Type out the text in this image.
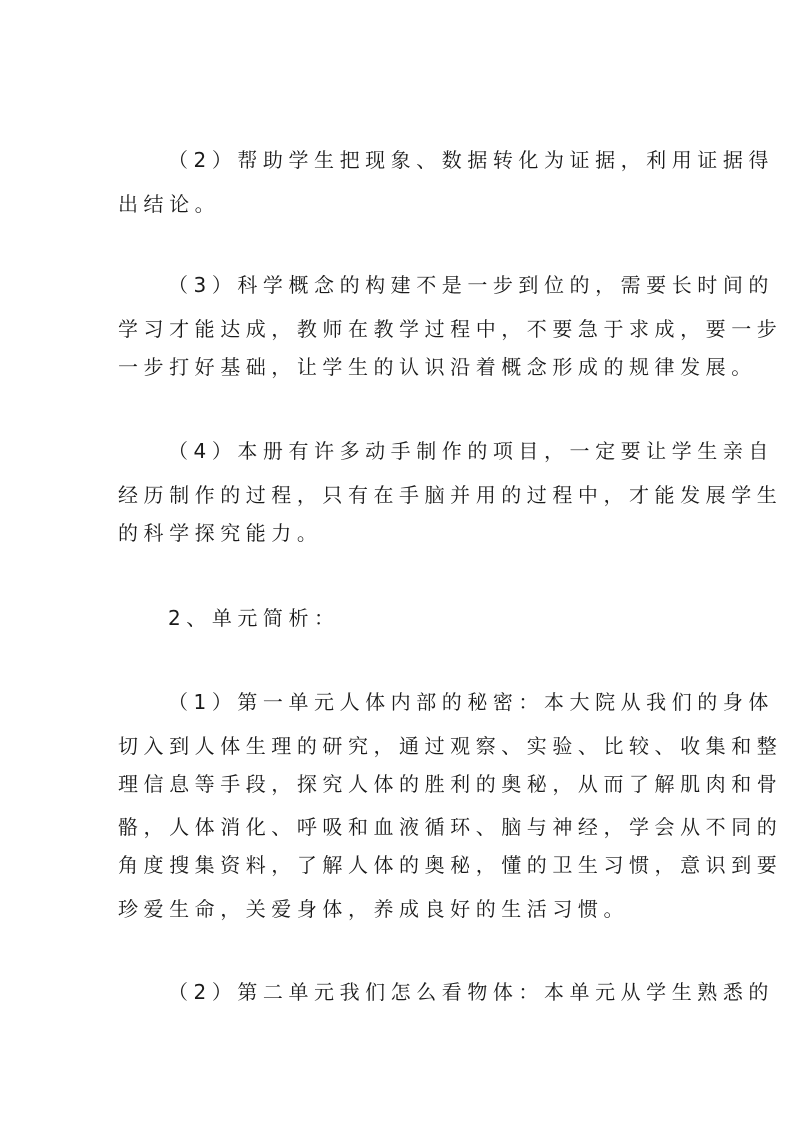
（2）帮助学生把现象、数据转化为证据，利用证据得
出结论。
（3）科学概念的构建不是一步到位的，需要长时间的
学习才能达成，教师在教学过程中，不要急于求成，要一步
一步打好基础，让学生的认识沿着概念形成的规律发展。
（4）本册有许多动手制作的项目，一定要让学生亲自
经历制作的过程，只有在手脑并用的过程中，才能发展学生
的科学探究能力。
2、单元简析：
（1）第一单元人体内部的秘密：本大院从我们的身体
切入到人体生理的研究，通过观察、实验、比较、收集和整
理信息等手段，探究人体的胜利的奥秘，从而了解肌肉和骨
骼，人体消化、呼吸和血液循环、脑与神经，学会从不同的
角度搜集资料，了解人体的奥秘，懂的卫生习惯，意识到要
珍爱生命，关爱身体，养成良好的生活习惯。
（2）第二单元我们怎么看物体：本单元从学生熟悉的
